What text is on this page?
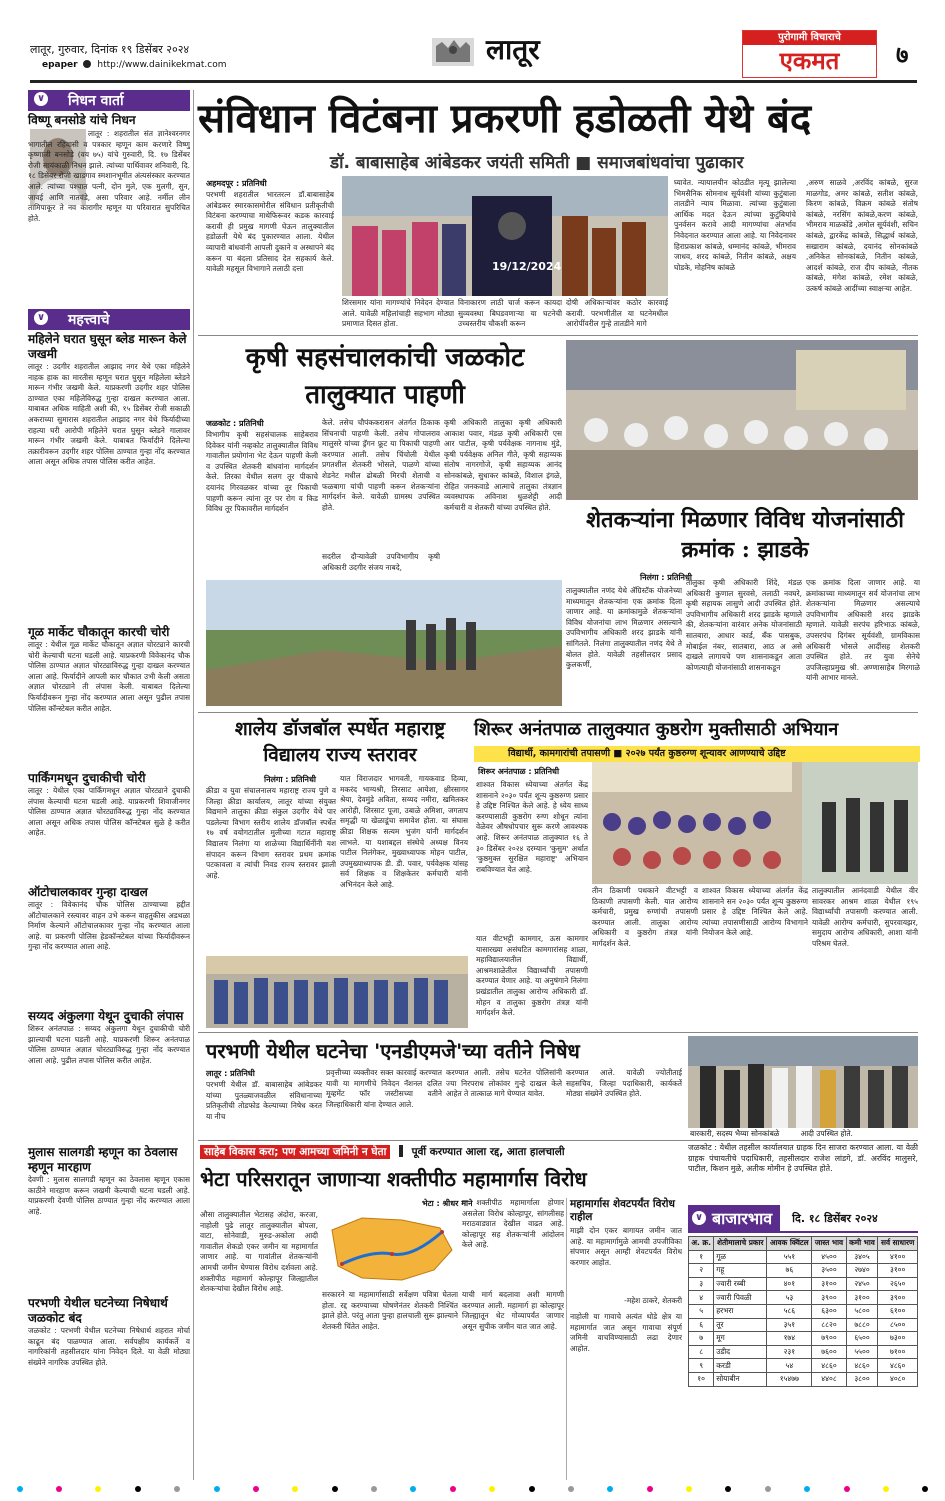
लातूर, गुरुवार, दिनांक १९ डिसेंबर २०२४
epaper http://www.dainikekmat.com	लातूर	पुरोगामी विचाराचे
एकमत	७
∨ निधन वार्ता
विष्णू बनसोडे यांचे निधन
लातूर : शहरातील संत ज्ञानेश्वरनगर भागातील रहिवासी व पत्रकार म्हणून काम करणारे विष्णु कृष्णाजी बनसोडे (वय ७५) यांचे गुरुवारी, दि. १७ डिसेंबर रोजी सायंकाळी निधन झाले. त्यांच्या पार्थिवावर शनिवारी, दि. १८ डिसेंबर रोजी खाडगाव स्मशानभूमीत अंत्यसंस्कार करण्यात आले. त्यांच्या पश्चात पत्नी, दोन मुले, एक मुलगी, सुन, जावई आणि नातवंडे, असा परिवार आहे. नर्मील लीन तामिपाकूर ते नव कारागीर म्हणून या परिवारात सुपरिचित होते.
∨ महत्त्वाचे
महिलेने घरात घुसून ब्लेड मारून केले जखमी
लातूर : उदगीर शहरातील आझाद नगर येथे एका महिलेने नाहक हाक का मारतीस म्हणून घरात घुसून महिलेला ब्लेडने मारून गंभीर जखमी केले. याप्रकरणी उदगीर शहर पोलिस ठाण्यात एका महिलेविरुद्ध गुन्हा दाखल करण्यात आला. याबाबत अधिक माहिती अशी की, १५ डिसेंबर रोजी सकाळी अकराच्या सुमारास शहरातील आझाद नगर येथे फिर्यादीच्या राहत्या घरी आरोपी महिलेने घरात घुसून ब्लेडने गालावर मारून गंभीर जखमी केले. याबाबत फिर्यादीने दिलेल्या तक्रारीवरून उदगीर शहर पोलिस ठाण्यात गुन्हा नोंद करण्यात आला असून अधिक तपास पोलिस करीत आहेत.
गूळ मार्केट चौकातून कारची चोरी
लातूर : येथील गूळ मार्केट चौकातून अज्ञात चोरट्याने कारची चोरी केल्याची घटना घडली आहे. याप्रकरणी विवेकानंद चौक पोलिस ठाण्यात अज्ञात चोरट्याविरुद्ध गुन्हा दाखल करण्यात आला आहे. फिर्यादीने आपली कार चौकात उभी केली असता अज्ञात चोरट्याने ती लंपास केली. याबाबत दिलेल्या फिर्यादीवरून गुन्हा नोंद करण्यात आला असून पुढील तपास पोलिस कॉन्स्टेबल करीत आहेत.
पार्किंगमधून दुचाकीची चोरी
लातूर : येथील एका पार्किंगमधून अज्ञात चोरट्याने दुचाकी लंपास केल्याची घटना घडली आहे. याप्रकरणी शिवाजीनगर पोलिस ठाण्यात अज्ञात चोरट्याविरुद्ध गुन्हा नोंद करण्यात आला असून अधिक तपास पोलिस कॉन्स्टेबल सुळे हे करीत आहेत.
ऑटोचालकावर गुन्हा दाखल
लातूर : विवेकानंद चौक पोलिस ठाण्याच्या हद्दीत ऑटोचालकाने रस्त्यावर वाहन उभे करून वाहतुकीस अडथळा निर्माण केल्याने ऑटोचालकावर गुन्हा नोंद करण्यात आला आहे. या प्रकरणी पोलिस हेडकॉन्स्टेबल यांच्या फिर्यादीवरून गुन्हा नोंद करण्यात आला आहे.
सय्यद अंकुलगा येथून दुचाकी लंपास
शिरूर अनंतपाळ : सय्यद अंकुलगा येथून दुचाकीची चोरी झाल्याची घटना घडली आहे. याप्रकरणी शिरूर अनंतपाळ पोलिस ठाण्यात अज्ञात चोरट्याविरुद्ध गुन्हा नोंद करण्यात आला आहे. पुढील तपास पोलिस करीत आहेत.
मुलास सालगडी म्हणून का ठेवलास म्हणून मारहाण
देवणी : मुलास सालगडी म्हणून का ठेवलास म्हणून एकास काठीने मारहाण करून जखमी केल्याची घटना घडली आहे. याप्रकरणी देवणी पोलिस ठाण्यात गुन्हा नोंद करण्यात आला आहे.
परभणी येथील घटनेच्या निषेधार्थ जळकोट बंद
जळकोट : परभणी येथील घटनेच्या निषेधार्थ शहरात मोर्चा काढून बंद पाळण्यात आला. सर्वपक्षीय कार्यकर्ते व नागरिकांनी तहसीलदार यांना निवेदन दिले. या वेळी मोठ्या संख्येने नागरिक उपस्थित होते.
संविधान विटंबना प्रकरणी हडोळती येथे बंद
डॉ. बाबासाहेब आंबेडकर जयंती समिती ■ समाजबांधवांचा पुढाकार
अहमदपूर : प्रतिनिधी
परभणी शहरातील भारतरत्न डॉ.बाबासाहेब आंबेडकर स्मारकासमोरील संविधान प्रतीकृतीची विटंबना करण्याचा माथेफिरूवर कडक कारवाई करावी ही प्रमुख मागणी घेऊन तालुक्यातील हडोळती येथे बंद पुकारण्यात आला. येथील व्यापारी बांधवांनी आपली दुकाने व अस्थापने बंद करून या बंदला प्रतिसाद देत सहकार्य केले. यावेळी महसूल विभागाने तलाठी दत्ता	19/12/2024
शिरसमार यांना मागण्यांचे निवेदन देण्यात आले. यावेळी महिलांचाही सहभाग मोठ्या प्रमाणात दिसत होता.
विनाकारण लाठी चार्ज करून कायदा सुव्यवस्था बिघडवणाऱ्या या घटनेची उच्चस्तरीय चौकशी करून
दोषी अधिकाऱ्यांवर कठोर कारवाई करावी. परभणीतील या घटनेमधील आरोपींवरील गुन्हे तातडीने मागे
घ्यावेत. न्यायालयीन कोठडीत मृत्यू झालेल्या भिमसैनिक सोमनाथ सूर्यवंशी यांच्या कुटुंबाला तातडीने न्याय मिळावा. त्यांच्या कुटुंबाला आर्थिक मदत देऊन त्यांच्या कुटुंबियांचे पुनर्वसन करावे आदी मागण्यांचा अंतर्भाव निवेदनात करण्यात आला आहे. या निवेदनावर हिराप्रकाश कांबळे, धम्मानंद कांबळे, भीमराव जाधव, शरद कांबळे, नितीन कांबळे, अक्षय घोडके, मोहनिष कांबळे
,अरुण साळवे ,अरविंद कांबळे, सुरज माळगोड, अमर कांबळे, सतीश कांबळे, किरण कांबळे, विक्रम कांबळे संतोष कांबळे, नरसिंग कांबळे,करण कांबळे, भीमराव माळकोंडे ,अमोल सूर्यवंशी, सचिन कांबळे, द्वारकेंद्र कांबळे, सिद्धार्थ कांबळे, सखाराम कांबळे, दयानंद सोनकांबळे ,अनिकेत सोनकांबळे, नितीन कांबळे, आदर्श कांबळे, राज दीप कांबळे, नीतक कांबळे, मंगेश कांबळे, रमेश कांबळे, उत्कर्ष कांबळे आदींच्या स्वाक्षऱ्या आहेत.
कृषी सहसंचालकांची जळकोट तालुक्यात पाहणी
जळकोट : प्रतिनिधी
विभागीय कृषी सहसंचालक साहेबराव दिवेकर यांनी नव्हकोट तालुक्यातील विविध गावातील प्रयोगांना भेट देऊन पाहणी केली व उपस्थित शेतकरी बांधवांना मार्गदर्शन केले. तिरका येथील सलग तूर पीकाचे दयानंद गिरवळकर यांच्या तूर पिकाची पाहणी करून त्यांना तूर पर रोग व किड विविध तूर पिकावरील मार्गदर्शन
केले. तसेच चौपंककरासन अंतर्गत ठिकाक सिंचनाची पाहणी केली. तसेच गोपालराव मालुसरे यांच्या ड्रॅगन फ्रूट या पिकाची पाहणी करण्यात आली. तसेच चिंचोली येथील प्रगतशील शेतकरी भोसले, पाळणे यांच्या शेडनेट मधील ढोबळी मिरची शेताची व फळबागा यांची पाहणी करून शेतकऱ्यांना मार्गदर्शन केले. यावेळी ग्रामस्थ उपस्थित होते.
सदरील दौऱ्यावेळी उपविभागीय कृषी अधिकारी उदगीर संजय नाबदे,
कृषी अधिकारी तालुका कृषी अधिकारी आकाश पवार, मंडळ कृषी अधिकारी एस आर पाटील, कृषी पर्यवेक्षक नागनाथ मुंडे, कृषी पर्यवेक्षक अनिल गीते, कृषी सहाय्यक संतोष नागरगोजे, कृषी सहाय्यक आनंद सोनकांबळे, सुधाकर कांबळे, विशाल इंगळे, रोहित जनकवाडे आत्माचे तालुका तंत्रज्ञान व्यवस्थापक अविनाश धुळशेट्टी आदी कर्मचारी व शेतकरी यांच्या उपस्थित होते.	शेतकऱ्यांना मिळणार विविध योजनांसाठी क्रमांक : झाडके
निलंगा : प्रतिनिधी
तालुक्यातील नणंद येथे ॲग्रिस्टॅक योजनेच्या माध्यमातून शेतकऱ्यांना एक क्रमांक दिला जाणार आहे. या क्रमांकामुळे शेतकऱ्यांना विविध योजनांचा लाभ मिळणार असल्याने उपविभागीय अधिकारी शरद झाडके यांनी सांगितले. निलंगा तालुक्यातील नणंद येथे ते बोलत होते. यावेळी तहसीलदार प्रसाद कुलकर्णी,
तालुका कृषी अधिकारी शिंदे, मंडळ अधिकारी कुणाल सुरवसे, तलाठी नवघरे, कृषी सहायक लासुणे आदी उपस्थित होते. उपविभागीय अधिकारी शरद झाडके म्हणाले की, शेतकऱ्यांना वारंवार अनेक योजनांसाठी सातबारा, आधार कार्ड, बँक पासबुक, मोबाईल नंबर, सातबारा, आठ अ असे दाखले लागायचे पण शासनाकडून आता कोणत्याही योजनांसाठी शासनाकडून
एक क्रमांक दिला जाणार आहे. या क्रमांकाच्या माध्यमातून सर्व योजनांचा लाभ शेतकऱ्यांना मिळणार असल्याचे उपविभागीय अधिकारी शरद झाडके म्हणाले. यावेळी सरपंच हरिभाऊ कांबळे, उपसरपंच दिगंबर सूर्यवंशी, ग्रामविकास अधिकारी भोसले आदींसह शेतकरी उपस्थित होते. तर युवा सेनेचे उपजिल्हाप्रमुख श्री. अण्णासाहेब मिरगाळे यांनी आभार मानले.
शालेय डॉजबॉल स्पर्धेत महाराष्ट्र विद्यालय राज्य स्तरावर
निलंगा : प्रतिनिधी
क्रीडा व युवा संचालनालय महाराष्ट्र राज्य पुणे व जिल्हा क्रीडा कार्यालय, लातूर यांच्या संयुक्त विद्यमाने तालुका क्रीडा संकुल उदगीर येथे पार पडलेल्या विभाग स्तरीय शालेय डॉजबॉल स्पर्धेत १७ वर्ष वयोगटातील मुलीच्या गटात महाराष्ट्र विद्यालय निलंगा या शाळेच्या विद्यार्थिनींनी यश संपादन करून विभाग स्तरावर प्रथम क्रमांक पटकावला व त्यांची निवड राज्य स्तरावर झाली आहे.
यात विराजदार भागवती, गायकवाड दिव्या, मकरंद भाग्यश्री, तिरसाट आयेशा, क्षीरसागर श्रेया, देवमुंडे अविता, सय्यद नमीरा, खमितकर आरोही, शिरसाट पूजा, उबाळे अमिशा, जगताप समृद्धी या खेळाडूंचा समावेश होता. या संघास क्रीडा शिक्षक सत्यम भुजंग यांनी मार्गदर्शन लाभले. या यशाबद्दल संस्थेचे अध्यक्ष विनय पाटील निलंगेकर, मुख्याध्यापक मोहन पाटील, उपमुख्याध्यापक डी. डी. पवार, पर्यवेक्षक यांसह सर्व शिक्षक व शिक्षकेतर कर्मचारी यांनी अभिनंदन केले आहे.
शिरूर अनंतपाळ तालुक्यात कुष्ठरोग मुक्तीसाठी अभियान
विद्यार्थी, कामगारांची तपासणी ■ २०२७ पर्यंत कुष्ठरुग्ण शून्यावर आणण्याचे उद्दिष्ट
शिरूर अनंतपाळ : प्रतिनिधी
शाश्वत विकास ध्येयाच्या अंतर्गत केंद्र शासनाने २०३० पर्यंत शून्य कुष्ठरुग्ण प्रसार हे उद्दिष्ट निश्चित केले आहे. हे ध्येय साध्य करण्यासाठी कुष्ठरोग रुग्ण शोधून त्यांना वेळेवर औषधोपचार सुरू करणे आवश्यक आहे. शिरूर अनंतपाळ तालुक्यात १६ ते ३० डिसेंबर २०२४ दरम्यान 'कुसुम' अर्थात 'कुष्ठमुक्त सुरक्षित महाराष्ट्र' अभियान राबविण्यात येत आहे.
तीन ठिकाणी पथकाने वीटभट्टी व ठिकाणी तपासणी केली. यात आरोग्य कर्मचारी, प्रमुख रुग्णांची तपासणी करण्यात आली. तालुका आरोग्य अधिकारी व कुष्ठरोग तंत्रज्ञ यांनी मार्गदर्शन केले.
शाश्वत विकास ध्येयाच्या अंतर्गत केंद्र शासनाने सन २०३० पर्यंत शून्य कुष्ठरुग्ण प्रसार हे उद्दिष्ट निश्चित केले आहे. त्यांच्या तपासणीसाठी आरोग्य विभागाने नियोजन केले आहे.
तालुक्यातील आनंदवाडी येथील वीर सावरकर आश्रम शाळा येथील १९५ विद्यार्थ्यांची तपासणी करण्यात आली. यावेळी आरोग्य कर्मचारी, सुपरवायझर, समुदाय आरोग्य अधिकारी, आशा यांनी परिश्रम घेतले.
यात वीटभट्टी कामगार, ऊस कामगार यासारख्या असंघटित कामगारांसह शाळा, महाविद्यालयातील विद्यार्थी, आश्रमशाळेतील विद्यार्थ्यांची तपासणी करण्यात येणार आहे. या अनुषंगाने निलंगा प्रखंडातील तालुका आरोग्य अधिकारी डॉ. मोहन व तालुका कुष्ठरोग तंत्रज्ञ यांनी मार्गदर्शन केले.
परभणी येथील घटनेचा 'एनडीएमजे'च्या वतीने निषेध
लातूर : प्रतिनिधी
परभणी येथील डॉ. बाबासाहेब आंबेडकर यांच्या पुतळ्याजवळील संविधानाच्या प्रतिकृतीची तोडफोड केल्याच्या निषेध करत या नीच
प्रवृत्तीच्या व्यक्तीवर सक्त कारवाई करण्यात यावी या मागणीचे निवेदन नॅशनल दलित मूव्हमेंट फॉर जस्टीसच्या वतीने जिल्हाधिकारी यांना देण्यात आले.
करण्यात आली. तसेच घटनेत पोलिसांनी ज्या निरपराध लोकांवर गुन्हे दाखल केले आहेत ते तात्काळ मागे घेण्यात यावेत.
करण्यात आले. यावेळी ज्योतीताई सहसचिव, जिल्हा पदाधिकारी, कार्यकर्ते मोठ्या संख्येने उपस्थित होते.
बारकारी, सदस्य भैय्या सोनकांबळे         आदी उपस्थित होते.
साहेब विकास करा; पण आमच्या जमिनी न घेता पूर्वी करण्यात आला रद्द, आता हालचाली
भेटा परिसरातून जाणाऱ्या शक्तीपीठ महामार्गास विरोध
भेटा : श्रीधर माने
औसा तालुक्यातील भेटासह अंदोरा, करजा, नाहोली पुढे लातूर तालुक्यातील बोपला, वाटा, सोनेवाडी, मुरुड-अकोला आदी गावातील शेकडो एकर जमीन या महामार्गात जाणार आहे. या गावांतील शेतकऱ्यांनी आमची जमीन घेण्यास विरोध दर्शवला आहे. शक्तीपीठ महामार्ग कोल्हापूर जिल्ह्यातील शेतकऱ्यांचा देखील विरोध आहे.
सरकारने या महामार्गासाठी सर्वेक्षण पवित्रा घेतला होता. रद्द करण्याच्या घोषणेनंतर शेतकरी निश्चिंत झाले होते. परंतु आता पुन्हा हालचाली सुरू झाल्याने शेतकरी चिंतेत आहेत.
या शक्तीपीठ महामार्गाला होणार असलेला विरोध कोल्हापूर, सांगलीसह मराठवाड्यात देखील वाढत आहे. कोल्हापूर सह शेतकऱ्यांनी आंदोलन केले आहे.
याची मार्ग बदलावा अशी मागणी करण्यात आली. महामार्ग हा कोल्हापूर जिल्ह्यातून थेट गोव्यापर्यंत जाणार असून सुपीक जमीन यात जात आहे.
महामार्गास शेवटपर्यंत विरोध राहील
माझी दोन एकर बागायत जमीन जात आहे. या महामार्गामुळे आमची उपजीविका संपणार असून आम्ही शेवटपर्यंत विरोध करणार आहोत.
-महेश ठाकरे, शेतकरी
नाहोली या गावाचे अत्यंत थोडे क्षेत्र या महामार्गात जात असून गावाचा संपूर्ण जमिनी वाचविण्यासाठी लढा देणार आहोत.
जळकोट : येथील तहसील कार्यालयात ग्राहक दिन साजरा करण्यात आला. या वेळी ग्राहक पंचायतीचे पदाधिकारी, तहसीलदार राजेश लांडगे, डॉ. अरविंद मालुसरे, पाटील, किशन मुळे, अतीक मोमीन हे उपस्थित होते.
∨ बाजारभाव दि. १८ डिसेंबर २०२४
अ. क्र.	शेतीमालाचे प्रकार	आवक क्विंटल	जास्त भाव	कमी भाव	सर्व साधारण
१	गूळ	५५१	४५००	३४०५	४१००
२	गहू	७६	३५००	२७४०	३१००
३	ज्वारी रब्बी	४०१	३१००	२४५०	२६५०
४	ज्वारी पिवळी	५३	३९००	३१००	३९००
५	हरभरा	५८६	६३००	५८००	६१००
६	तूर	३५१	८८२०	७८८०	८५००
७	मूग	१७४	७९००	६५००	७३००
८	उडीद	२३१	७६००	५५००	७१००
९	करडी	५४	४८६०	४८६०	४८६०
१०	सोयाबीन	१५४७७	४४०८	३८००	४०८०
